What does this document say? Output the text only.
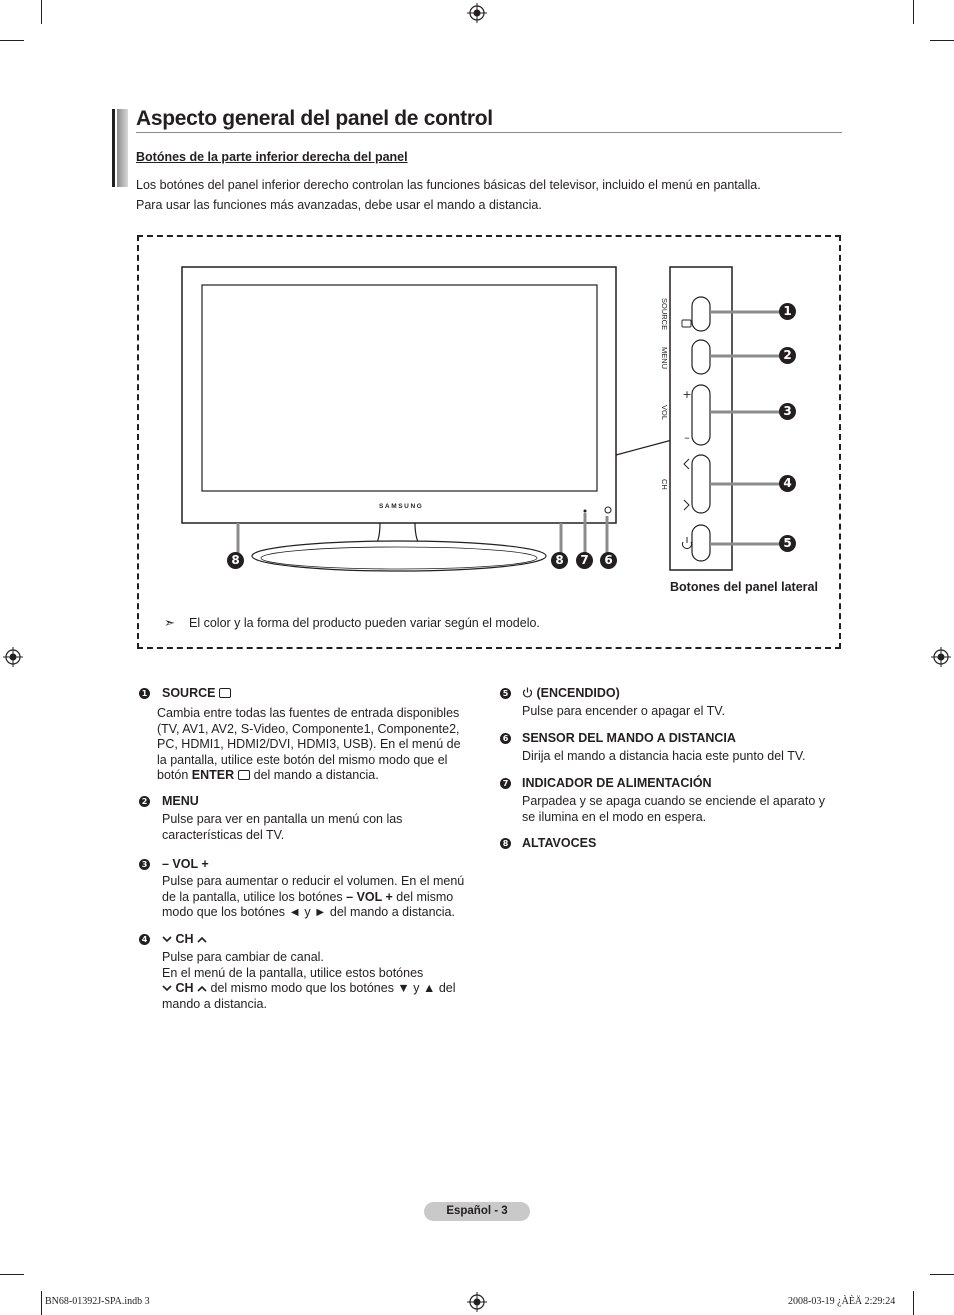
Aspecto general del panel de control
Botónes de la parte inferior derecha del panel
Los botónes del panel inferior derecho controlan las funciones básicas del televisor, incluido el menú en pantalla.
Para usar las funciones más avanzadas, debe usar el mando a distancia.
+
–
SAMSUNG
SOURCE
MENU
VOL
CH
1
2
3
4
5
8	8	7	6
Botones del panel lateral
➣ El color y la forma del producto pueden variar según el modelo.
1 SOURCE
Cambia entre todas las fuentes de entrada disponibles
(TV, AV1, AV2, S-Video, Componente1, Componente2,
PC, HDMI1, HDMI2/DVI, HDMI3, USB). En el menú de
la pantalla, utilice este botón del mismo modo que el
botón ENTER del mando a distancia.
2 MENU
Pulse para ver en pantalla un menú con las
características del TV.
3 – VOL +
Pulse para aumentar o reducir el volumen. En el menú
de la pantalla, utilice los botónes – VOL + del mismo
modo que los botónes ◄ y ► del mando a distancia.
4	CH
Pulse para cambiar de canal.
En el menú de la pantalla, utilice estos botónes
CH  del mismo modo que los botónes ▼ y ▲ del
mando a distancia.
5	(ENCENDIDO)
Pulse para encender o apagar el TV.
6 SENSOR DEL MANDO A DISTANCIA
Dirija el mando a distancia hacia este punto del TV.
7 INDICADOR DE ALIMENTACIÓN
Parpadea y se apaga cuando se enciende el aparato y
se ilumina en el modo en espera.
8 ALTAVOCES
Español - 3
BN68-01392J-SPA.indb 3	2008-03-19 ¿ÀÈÄ 2:29:24
